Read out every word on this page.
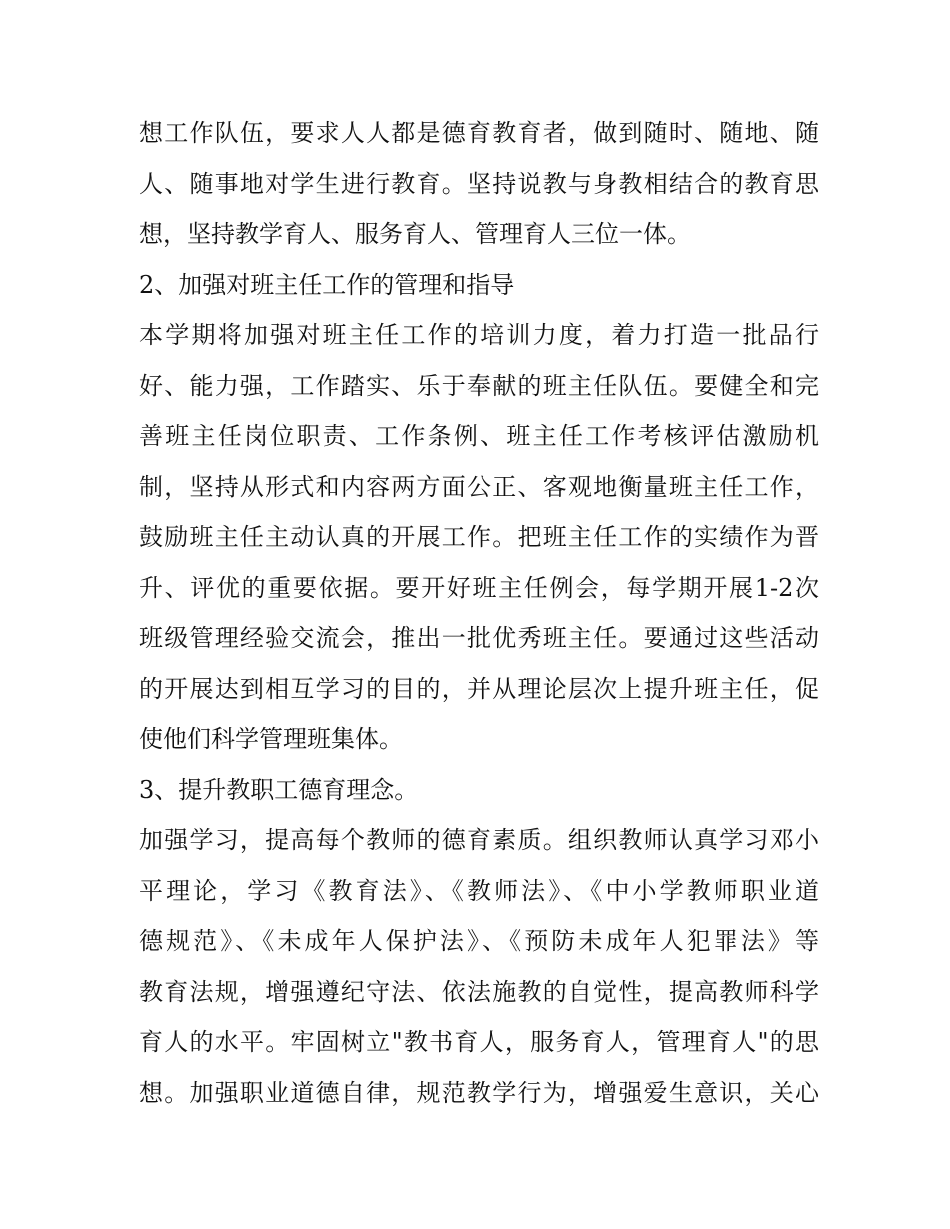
想工作队伍，要求人人都是德育教育者，做到随时、随地、随
人、随事地对学生进行教育。坚持说教与身教相结合的教育思
想，坚持教学育人、服务育人、管理育人三位一体。
2、加强对班主任工作的管理和指导
本学期将加强对班主任工作的培训力度，着力打造一批品行
好、能力强，工作踏实、乐于奉献的班主任队伍。要健全和完
善班主任岗位职责、工作条例、班主任工作考核评估激励机
制，坚持从形式和内容两方面公正、客观地衡量班主任工作，
鼓励班主任主动认真的开展工作。把班主任工作的实绩作为晋
升、评优的重要依据。要开好班主任例会，每学期开展1-2次
班级管理经验交流会，推出一批优秀班主任。要通过这些活动
的开展达到相互学习的目的，并从理论层次上提升班主任，促
使他们科学管理班集体。
3、提升教职工德育理念。
加强学习，提高每个教师的德育素质。组织教师认真学习邓小
平理论，学习《教育法》、《教师法》、《中小学教师职业道
德规范》、《未成年人保护法》、《预防未成年人犯罪法》等
教育法规，增强遵纪守法、依法施教的自觉性，提高教师科学
育人的水平。牢固树立"教书育人，服务育人，管理育人"的思
想。加强职业道德自律，规范教学行为，增强爱生意识，关心
